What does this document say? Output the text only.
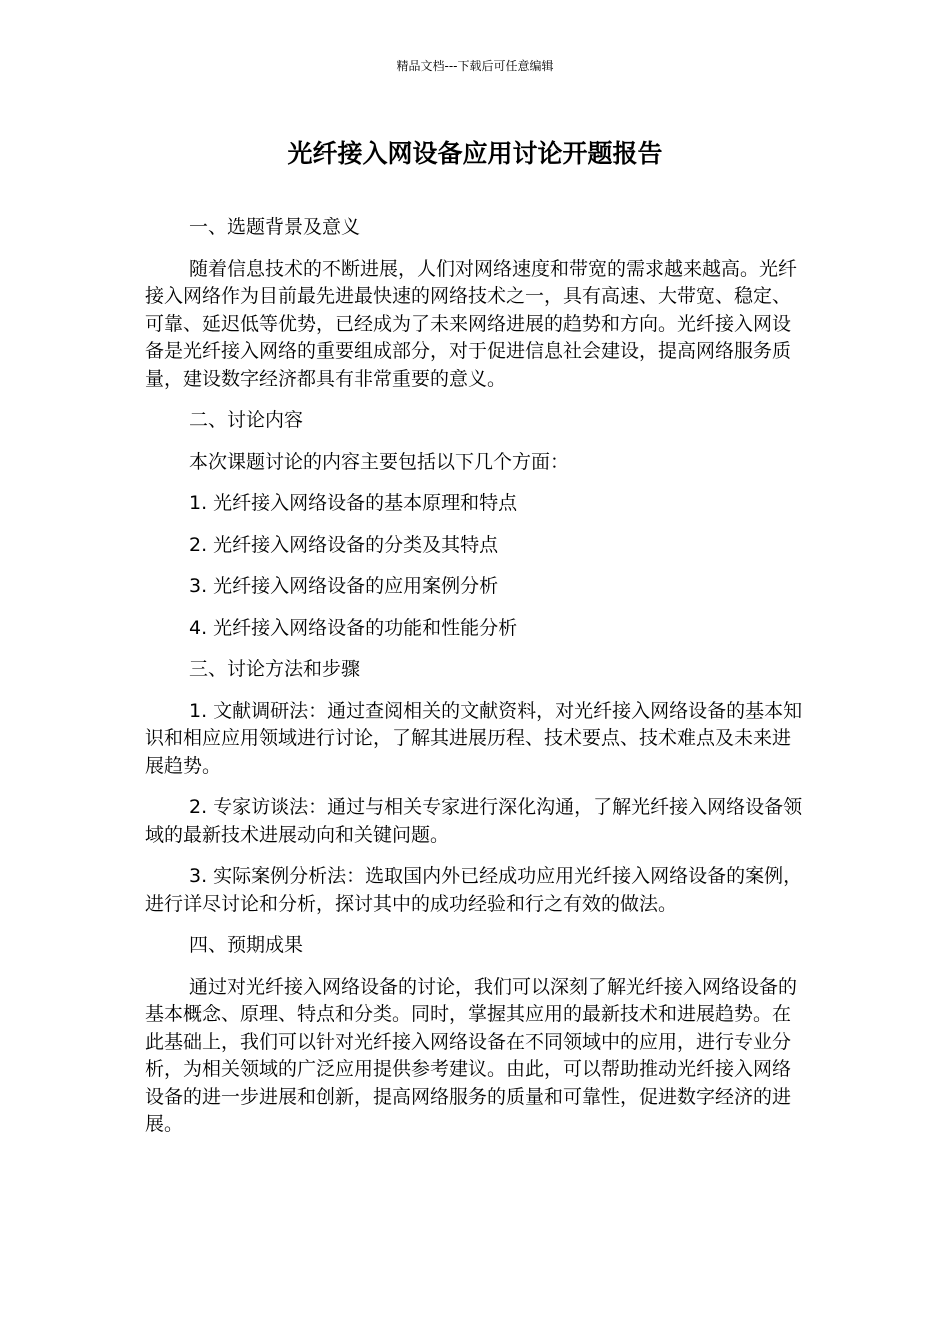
精品文档---下载后可任意编辑
光纤接入网设备应用讨论开题报告

一、选题背景及意义

随着信息技术的不断进展，人们对网络速度和带宽的需求越来越高。光纤接入网络作为目前最先进最快速的网络技术之一，具有高速、大带宽、稳定、可靠、延迟低等优势，已经成为了未来网络进展的趋势和方向。光纤接入网设备是光纤接入网络的重要组成部分，对于促进信息社会建设，提高网络服务质量，建设数字经济都具有非常重要的意义。

二、讨论内容

本次课题讨论的内容主要包括以下几个方面：

1. 光纤接入网络设备的基本原理和特点

2. 光纤接入网络设备的分类及其特点

3. 光纤接入网络设备的应用案例分析

4. 光纤接入网络设备的功能和性能分析

三、讨论方法和步骤

1. 文献调研法：通过查阅相关的文献资料，对光纤接入网络设备的基本知识和相应应用领域进行讨论，了解其进展历程、技术要点、技术难点及未来进展趋势。

2. 专家访谈法：通过与相关专家进行深化沟通，了解光纤接入网络设备领域的最新技术进展动向和关键问题。

3. 实际案例分析法：选取国内外已经成功应用光纤接入网络设备的案例，进行详尽讨论和分析，探讨其中的成功经验和行之有效的做法。

四、预期成果

通过对光纤接入网络设备的讨论，我们可以深刻了解光纤接入网络设备的基本概念、原理、特点和分类。同时，掌握其应用的最新技术和进展趋势。在此基础上，我们可以针对光纤接入网络设备在不同领域中的应用，进行专业分析，为相关领域的广泛应用提供参考建议。由此，可以帮助推动光纤接入网络设备的进一步进展和创新，提高网络服务的质量和可靠性，促进数字经济的进展。
